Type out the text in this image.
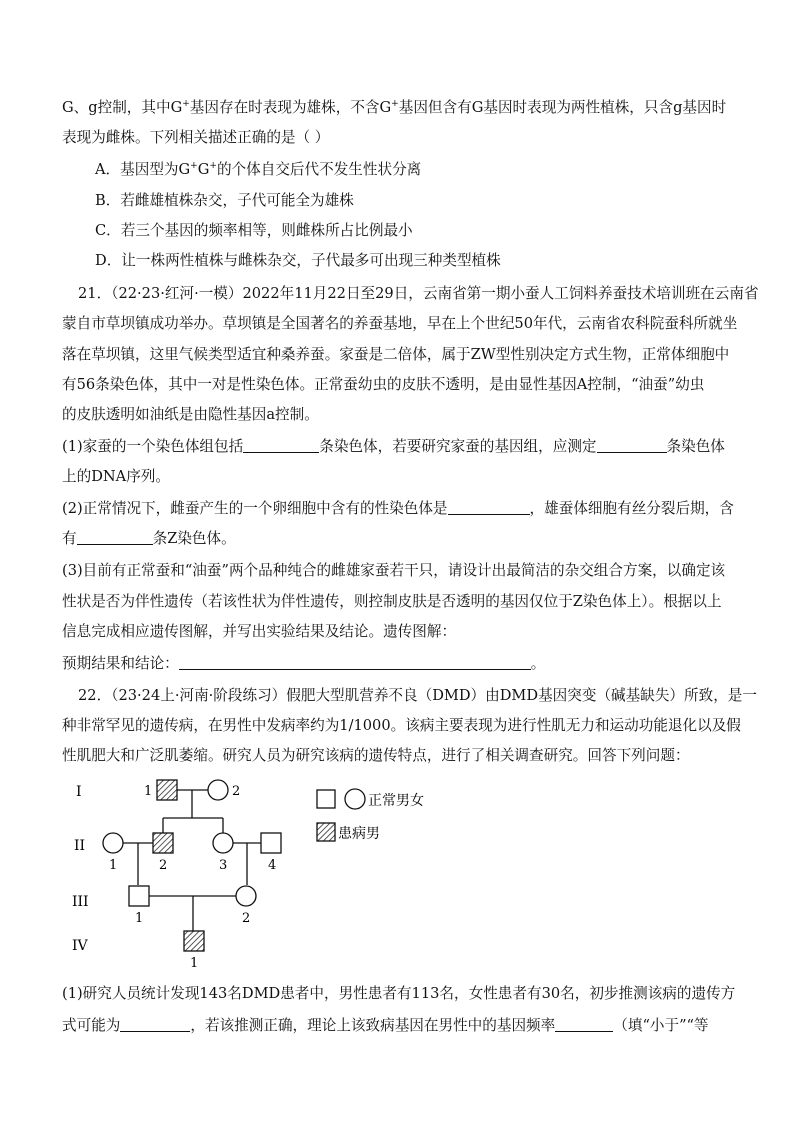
G、g控制，其中G+基因存在时表现为雄株，不含G+基因但含有G基因时表现为两性植株，只含g基因时
表现为雌株。下列相关描述正确的是（ ）
A．基因型为G+G+的个体自交后代不发生性状分离
B．若雌雄植株杂交，子代可能全为雄株
C．若三个基因的频率相等，则雌株所占比例最小
D．让一株两性植株与雌株杂交，子代最多可出现三种类型植株
21．（22·23·红河·一模）2022年11月22日至29日，云南省第一期小蚕人工饲料养蚕技术培训班在云南省
蒙自市草坝镇成功举办。草坝镇是全国著名的养蚕基地，早在上个世纪50年代，云南省农科院蚕科所就坐
落在草坝镇，这里气候类型适宜种桑养蚕。家蚕是二倍体，属于ZW型性别决定方式生物，正常体细胞中
有56条染色体，其中一对是性染色体。正常蚕幼虫的皮肤不透明，是由显性基因A控制，“油蚕”幼虫
的皮肤透明如油纸是由隐性基因a控制。
(1)家蚕的一个染色体组包括	条染色体，若要研究家蚕的基因组，应测定	条染色体
上的DNA序列。
(2)正常情况下，雌蚕产生的一个卵细胞中含有的性染色体是	，雄蚕体细胞有丝分裂后期，含
有	条Z染色体。
(3)目前有正常蚕和“油蚕”两个品种纯合的雌雄家蚕若干只，请设计出最简洁的杂交组合方案，以确定该
性状是否为伴性遗传（若该性状为伴性遗传，则控制皮肤是否透明的基因仅位于Z染色体上）。根据以上
信息完成相应遗传图解，并写出实验结果及结论。遗传图解：
预期结果和结论：	。
22．（23·24上·河南·阶段练习）假肥大型肌营养不良（DMD）由DMD基因突变（碱基缺失）所致，是一
种非常罕见的遗传病，在男性中发病率约为1/1000。该病主要表现为进行性肌无力和运动功能退化以及假
性肌肥大和广泛肌萎缩。研究人员为研究该病的遗传特点，进行了相关调查研究。回答下列问题：
I
II
III
IV
1	2
1	2	3	4
1	2
1
正常男女
患病男
(1)研究人员统计发现143名DMD患者中，男性患者有113名，女性患者有30名，初步推测该病的遗传方
式可能为	，若该推测正确，理论上该致病基因在男性中的基因频率	（填“小于”“等
